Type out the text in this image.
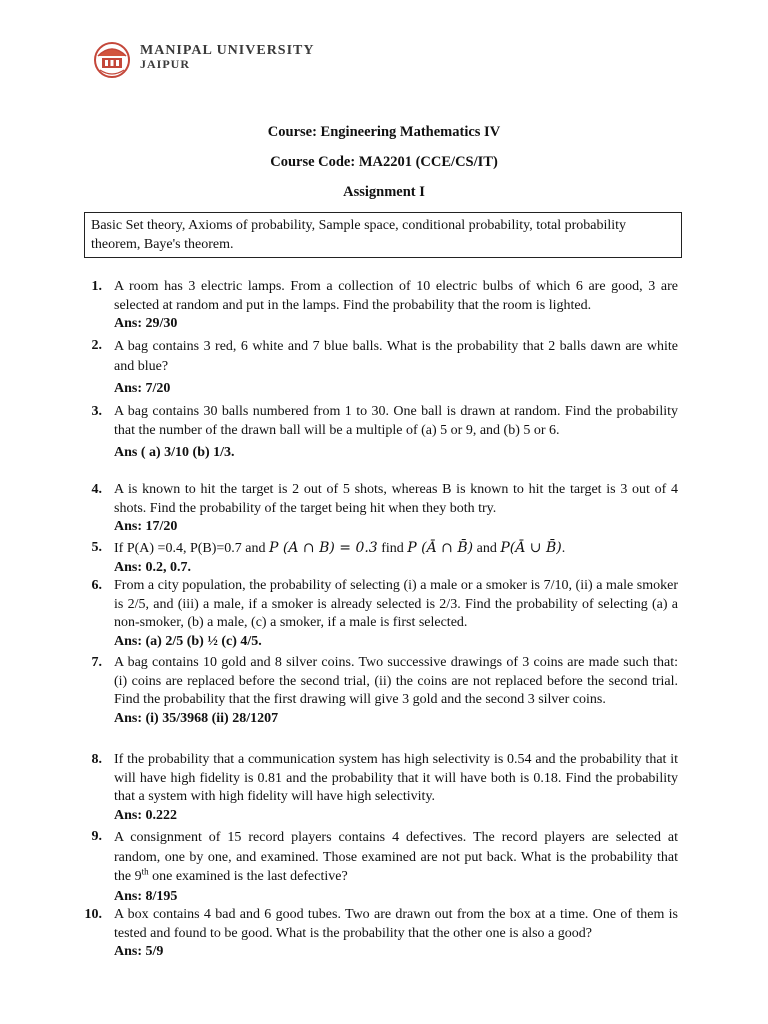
MANIPAL UNIVERSITY
JAIPUR
Course: Engineering Mathematics IV
Course Code: MA2201 (CCE/CS/IT)
Assignment I
Basic Set theory, Axioms of probability, Sample space, conditional probability, total probability theorem, Baye's theorem.
1. A room has 3 electric lamps. From a collection of 10 electric bulbs of which 6 are good, 3 are selected at random and put in the lamps. Find the probability that the room is lighted.
Ans: 29/30
2. A bag contains 3 red, 6 white and 7 blue balls. What is the probability that 2 balls dawn are white and blue?
Ans: 7/20
3. A bag contains 30 balls numbered from 1 to 30. One ball is drawn at random. Find the probability that the number of the drawn ball will be a multiple of (a) 5 or 9, and (b) 5 or 6.
Ans ( a) 3/10 (b) 1/3.
4. A is known to hit the target is 2 out of 5 shots, whereas B is known to hit the target is 3 out of 4 shots. Find the probability of the target being hit when they both try.
Ans: 17/20
5. If P(A) =0.4, P(B)=0.7 and P (A ∩ B) = 0.3 find P (Ā ∩ B̄) and P(Ā ∪ B̄).
Ans: 0.2, 0.7.
6. From a city population, the probability of selecting (i) a male or a smoker is 7/10, (ii) a male smoker is 2/5, and (iii) a male, if a smoker is already selected is 2/3. Find the probability of selecting (a) a non-smoker, (b) a male, (c) a smoker, if a male is first selected.
Ans: (a) 2/5 (b) ½ (c) 4/5.
7. A bag contains 10 gold and 8 silver coins. Two successive drawings of 3 coins are made such that: (i) coins are replaced before the second trial, (ii) the coins are not replaced before the second trial. Find the probability that the first drawing will give 3 gold and the second 3 silver coins.
Ans: (i) 35/3968 (ii) 28/1207
8. If the probability that a communication system has high selectivity is 0.54 and the probability that it will have high fidelity is 0.81 and the probability that it will have both is 0.18. Find the probability that a system with high fidelity will have high selectivity.
Ans: 0.222
9. A consignment of 15 record players contains 4 defectives. The record players are selected at random, one by one, and examined. Those examined are not put back. What is the probability that the 9th one examined is the last defective?
Ans: 8/195
10. A box contains 4 bad and 6 good tubes. Two are drawn out from the box at a time. One of them is tested and found to be good. What is the probability that the other one is also a good?
Ans: 5/9
